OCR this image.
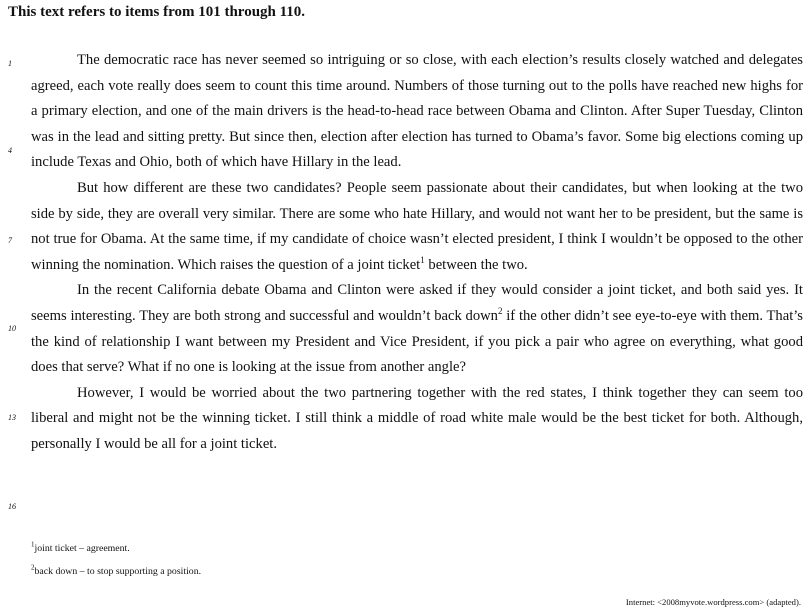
This text refers to items from 101 through 110.
1
4
7
10
13
16

The democratic race has never seemed so intriguing or so close, with each election’s results closely watched and delegates agreed, each vote really does seem to count this time around. Numbers of those turning out to the polls have reached new highs for a primary election, and one of the main drivers is the head-to-head race between Obama and Clinton. After Super Tuesday, Clinton was in the lead and sitting pretty. But since then, election after election has turned to Obama’s favor. Some big elections coming up include Texas and Ohio, both of which have Hillary in the lead.

But how different are these two candidates? People seem passionate about their candidates, but when looking at the two side by side, they are overall very similar. There are some who hate Hillary, and would not want her to be president, but the same is not true for Obama. At the same time, if my candidate of choice wasn’t elected president, I think I wouldn’t be opposed to the other winning the nomination. Which raises the question of a joint ticket$^1$ between the two.

In the recent California debate Obama and Clinton were asked if they would consider a joint ticket, and both said yes. It seems interesting. They are both strong and successful and wouldn’t back down$^2$ if the other didn’t see eye-to-eye with them. That’s the kind of relationship I want between my President and Vice President, if you pick a pair who agree on everything, what good does that serve? What if no one is looking at the issue from another angle?

However, I would be worried about the two partnering together with the red states, I think together they can seem too liberal and might not be the winning ticket. I still think a middle of road white male would be the best ticket for both. Although, personally I would be all for a joint ticket.

$^1$joint ticket – agreement.
$^2$back down – to stop supporting a position.
Internet: <2008myvote.wordpress.com> (adapted).
